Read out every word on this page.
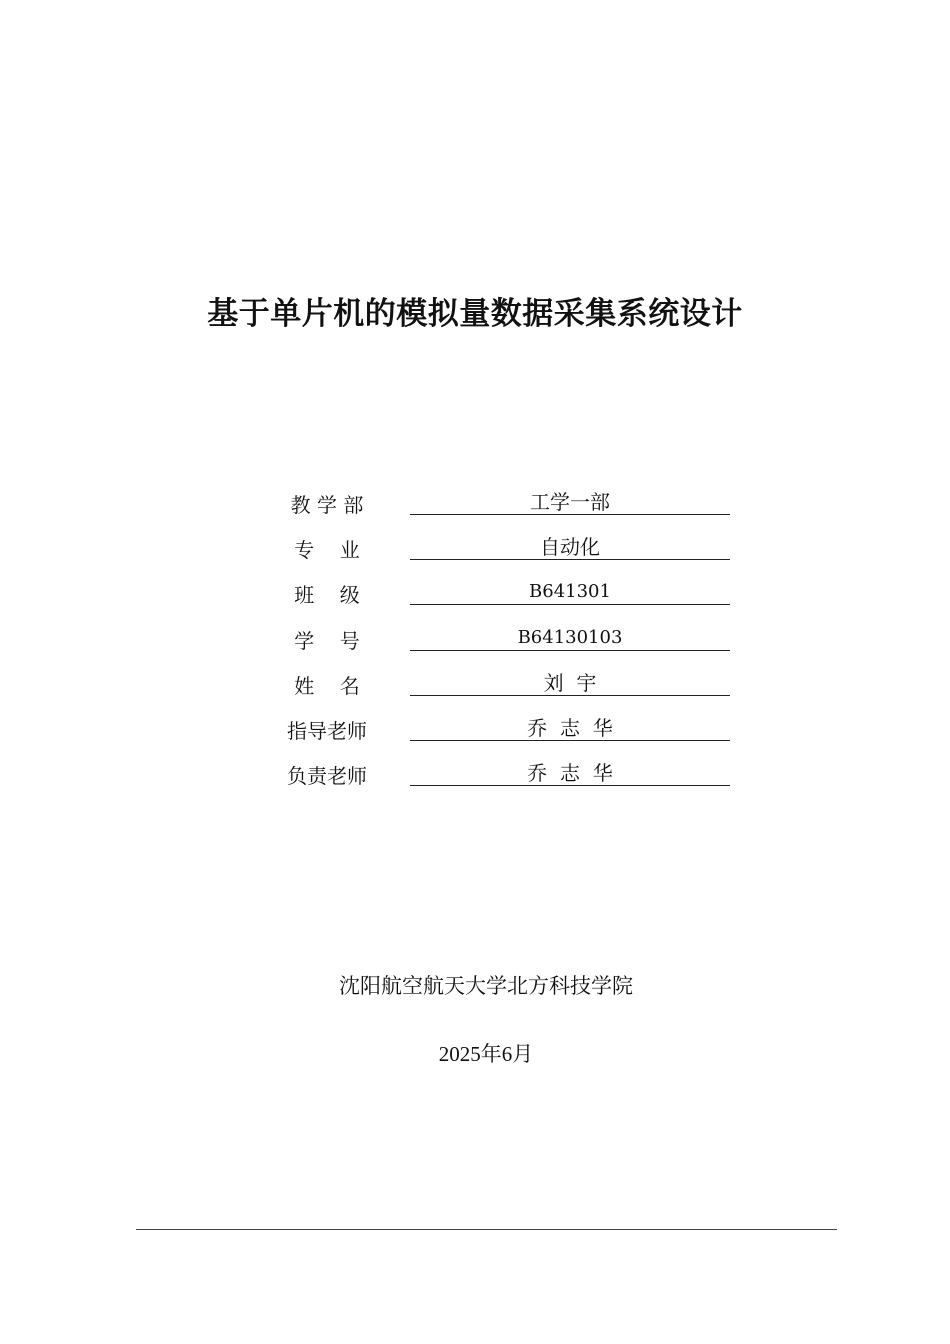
基于单片机的模拟量数据采集系统设计
教 学 部	工学一部
专    业	自动化
班    级	B641301
学    号	B64130103
姓    名	刘  宇
指导老师	乔  志  华
负责老师	乔  志  华
沈阳航空航天大学北方科技学院
2025年6月
